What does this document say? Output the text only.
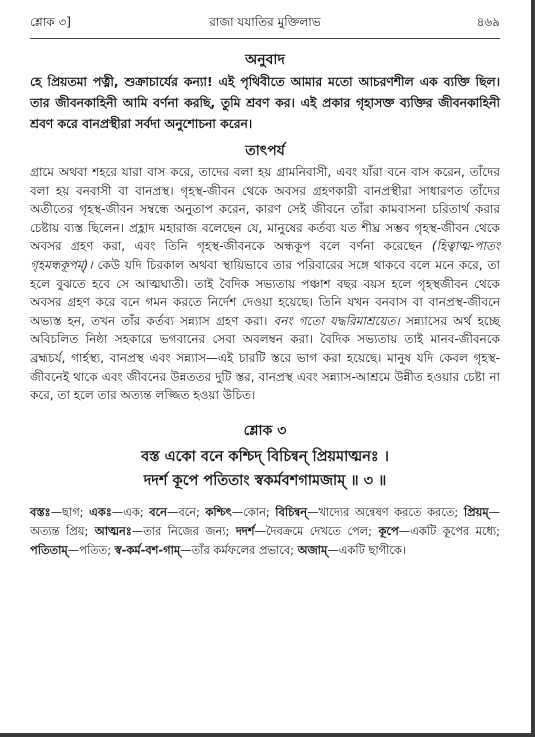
শ্লোক ৩]	রাজা যযাতির মুক্তিলাভ	৪৬৯
অনুবাদ

হে প্রিয়তমা পত্নী, শুক্রাচার্যের কন্যা! এই পৃথিবীতে আমার মতো আচরণশীল এক ব্যক্তি ছিল। তার জীবনকাহিনী আমি বর্ণনা করছি, তুমি শ্রবণ কর। এই প্রকার গৃহাসক্ত ব্যক্তির জীবনকাহিনী শ্রবণ করে বানপ্রস্থীরা সর্বদা অনুশোচনা করেন।

তাৎপর্য

গ্রামে অথবা শহরে যারা বাস করে, তাদের বলা হয় গ্রামনিবাসী, এবং যাঁরা বনে বাস করেন, তাঁদের বলা হয় বনবাসী বা বানপ্রস্থ। গৃহস্থ-জীবন থেকে অবসর গ্রহণকারী বানপ্রস্থীরা সাধারণত তাঁদের অতীতের গৃহস্থ-জীবন সম্বন্ধে অনুতাপ করেন, কারণ সেই জীবনে তাঁরা কামবাসনা চরিতার্থ করার চেষ্টায় ব্যস্ত ছিলেন। প্রহ্লাদ মহারাজ বলেছেন যে, মানুষের কর্তব্য যত শীঘ্র সম্ভব গৃহস্থ-জীবন থেকে অবসর গ্রহণ করা, এবং তিনি গৃহস্থ-জীবনকে অন্ধকূপ বলে বর্ণনা করেছেন (হিত্বাত্ম-পাতং গৃহমন্ধকূপম্)। কেউ যদি চিরকাল অথবা স্থায়িভাবে তার পরিবারের সঙ্গে থাকবে বলে মনে করে, তা হলে বুঝতে হবে সে আত্মঘাতী। তাই বৈদিক সভ্যতায় পঞ্চাশ বছর বয়স হলে গৃহস্থজীবন থেকে অবসর গ্রহণ করে বনে গমন করতে নির্দেশ দেওয়া হয়েছে। তিনি যখন বনবাস বা বানপ্রস্থ-জীবনে অভ্যস্ত হন, তখন তাঁর কর্তব্য সন্ন্যাস গ্রহণ করা। বনং গতো যদ্ধরিমাশ্রয়েত। সন্ন্যাসের অর্থ হচ্ছে অবিচলিত নিষ্ঠা সহকারে ভগবানের সেবা অবলম্বন করা। বৈদিক সভ্যতায় তাই মানব-জীবনকে ব্রহ্মচর্য, গার্হস্থ্য, বানপ্রস্থ এবং সন্ন্যাস—এই চারটি স্তরে ভাগ করা হয়েছে। মানুষ যদি কেবল গৃহস্থ-জীবনেই থাকে এবং জীবনের উন্নততর দুটি স্তর, বানপ্রস্থ এবং সন্ন্যাস-আশ্রমে উন্নীত হওয়ার চেষ্টা না করে, তা হলে তার অত্যন্ত লজ্জিত হওয়া উচিত।

শ্লোক ৩

বস্ত একো বনে কশ্চিদ্ বিচিন্বন্ প্রিয়মাত্মনঃ ।

দদর্শ কূপে পতিতাং স্বকর্মবশগামজাম্ ॥ ৩ ॥

বস্তঃ—ছাগ; একঃ—এক; বনে—বনে; কশ্চিৎ—কোন; বিচিন্বন্—খাদ্যের অন্বেষণ করতে করতে; প্রিয়ম্—অত্যন্ত প্রিয়; আত্মনঃ—তার নিজের জন্য; দদর্শ—দৈবক্রমে দেখতে পেল; কূপে—একটি কূপের মধ্যে; পতিতাম্—পতিত; স্ব-কর্ম-বশ-গাম্—তাঁর কর্মফলের প্রভাবে; অজাম্—একটি ছাগীকে।
